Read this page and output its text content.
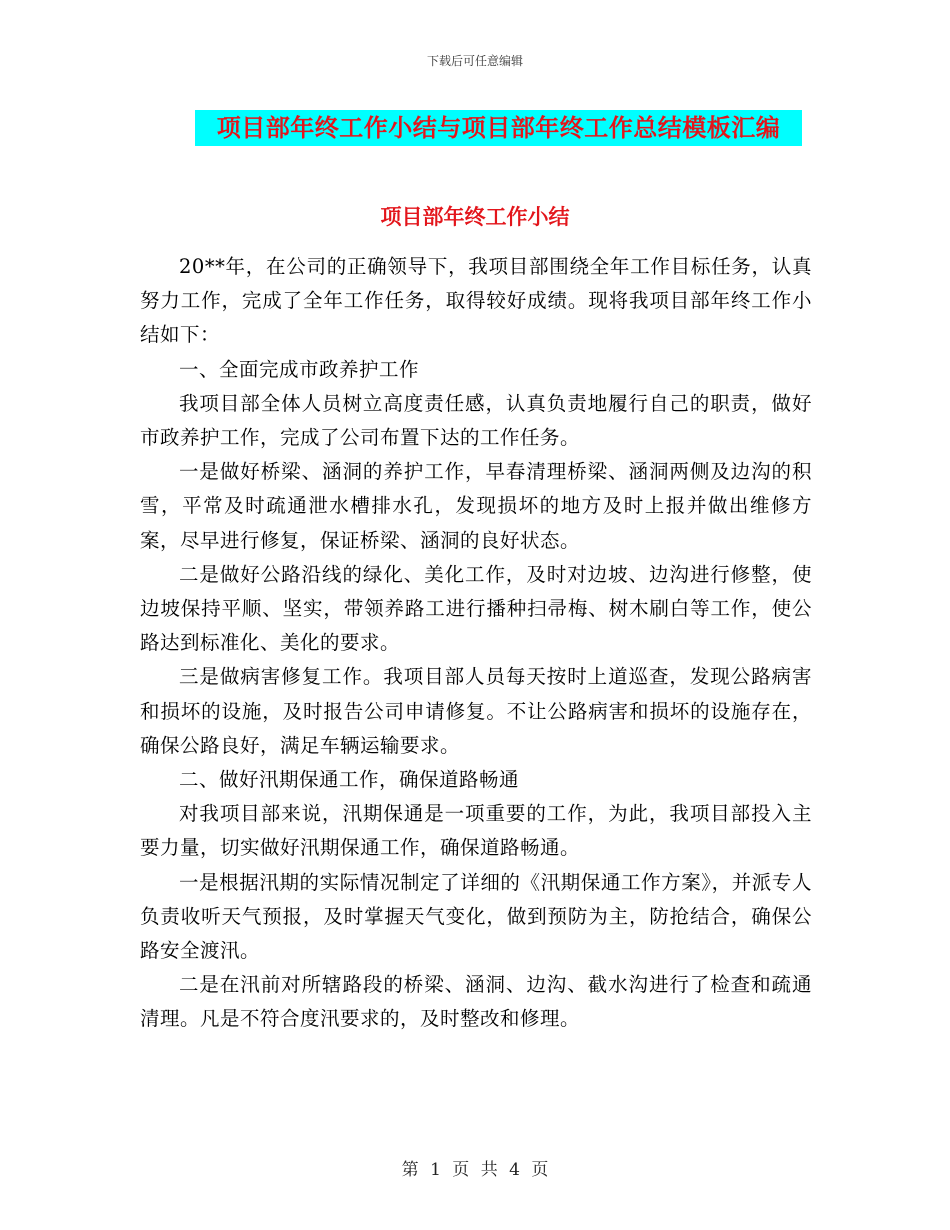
下载后可任意编辑
项目部年终工作小结与项目部年终工作总结模板汇编
项目部年终工作小结

20**年，在公司的正确领导下，我项目部围绕全年工作目标任务，认真努力工作，完成了全年工作任务，取得较好成绩。现将我项目部年终工作小结如下：

一、全面完成市政养护工作

我项目部全体人员树立高度责任感，认真负责地履行自己的职责，做好市政养护工作，完成了公司布置下达的工作任务。

一是做好桥梁、涵洞的养护工作，早春清理桥梁、涵洞两侧及边沟的积雪，平常及时疏通泄水槽排水孔，发现损坏的地方及时上报并做出维修方案，尽早进行修复，保证桥梁、涵洞的良好状态。

二是做好公路沿线的绿化、美化工作，及时对边坡、边沟进行修整，使边坡保持平顺、坚实，带领养路工进行播种扫帚梅、树木刷白等工作，使公路达到标准化、美化的要求。

三是做病害修复工作。我项目部人员每天按时上道巡查，发现公路病害和损坏的设施，及时报告公司申请修复。不让公路病害和损坏的设施存在，确保公路良好，满足车辆运输要求。

二、做好汛期保通工作，确保道路畅通

对我项目部来说，汛期保通是一项重要的工作，为此，我项目部投入主要力量，切实做好汛期保通工作，确保道路畅通。

一是根据汛期的实际情况制定了详细的《汛期保通工作方案》，并派专人负责收听天气预报，及时掌握天气变化，做到预防为主，防抢结合，确保公路安全渡汛。

二是在汛前对所辖路段的桥梁、涵洞、边沟、截水沟进行了检查和疏通清理。凡是不符合度汛要求的，及时整改和修理。

第 1 页 共 4 页
